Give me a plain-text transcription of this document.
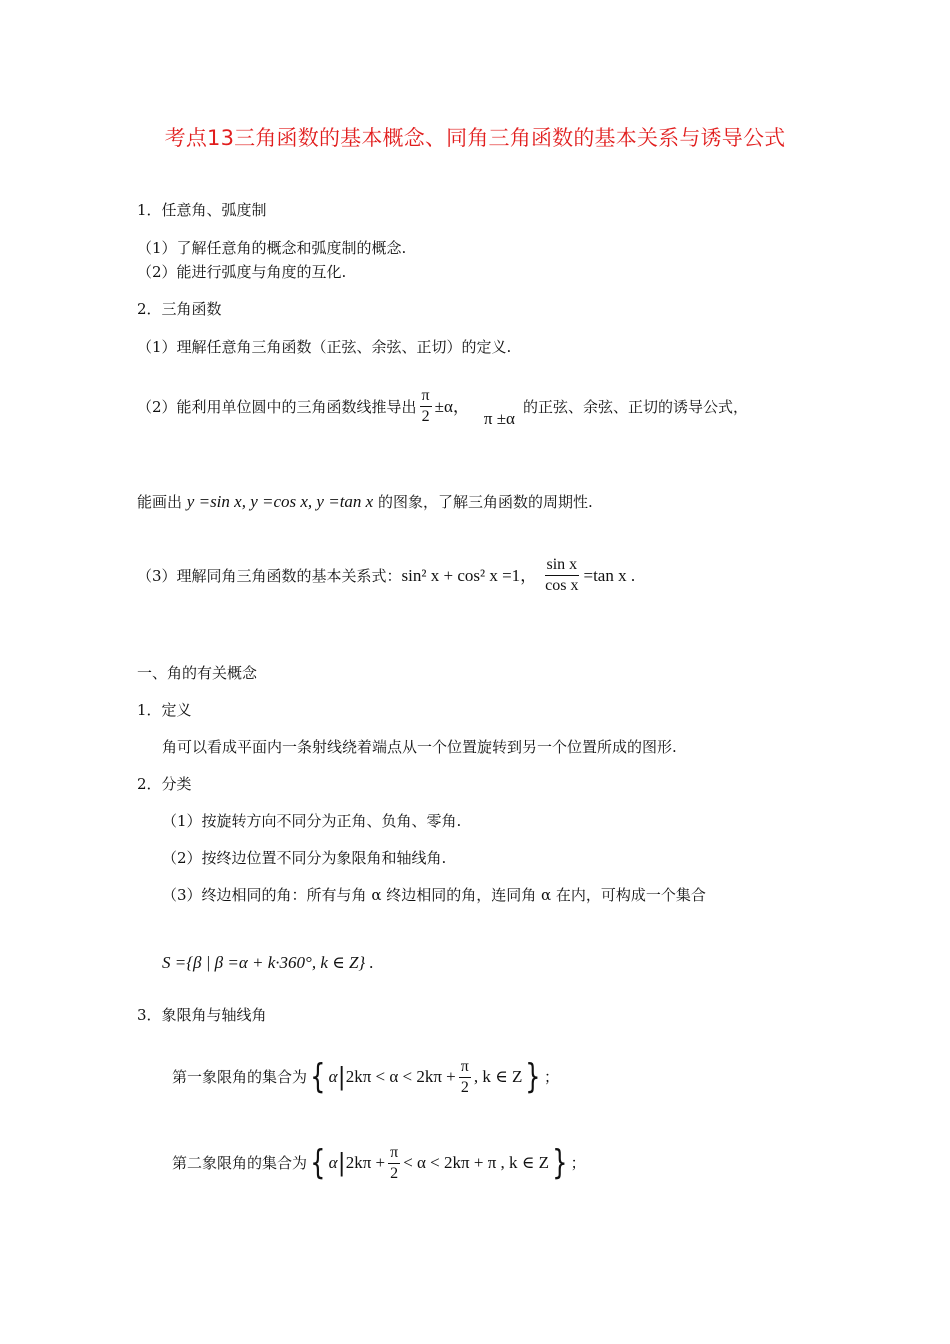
考点13三角函数的基本概念、同角三角函数的基本关系与诱导公式
1．任意角、弧度制
（1）了解任意角的概念和弧度制的概念.
（2）能进行弧度与角度的互化.
2．三角函数
（1）理解任意角三角函数（正弦、余弦、正切）的定义.
（2）能利用单位圆中的三角函数线推导出 $\frac{\pi}{2} \pm\alpha$，
π ±α
的正弦、余弦、正切的诱导公式，
能画出 y =sin x, y =cos x, y =tan x 的图象，了解三角函数的周期性.
（3）理解同角三角函数的基本关系式： sin² x + cos² x =1， $\frac{\text{sin x}}{\text{cos x}} =\tan$ x .
一、角的有关概念
1．定义
角可以看成平面内一条射线绕着端点从一个位置旋转到另一个位置所成的图形.
2．分类
（1）按旋转方向不同分为正角、负角、零角.
（2）按终边位置不同分为象限角和轴线角.
（3）终边相同的角：所有与角 α 终边相同的角，连同角 α 在内，可构成一个集合
S ={β | β =α + k·360°, k ∈ Z} .
3．象限角与轴线角
第一象限角的集合为 { α | $2k\pi < \alpha < 2k\pi + \frac{\pi}{2}$ , k ∈ Z } ；
第二象限角的集合为 { α | $2k\pi + \frac{\pi}{2} < \alpha < 2k\pi + \pi$ , k ∈ Z } ；
